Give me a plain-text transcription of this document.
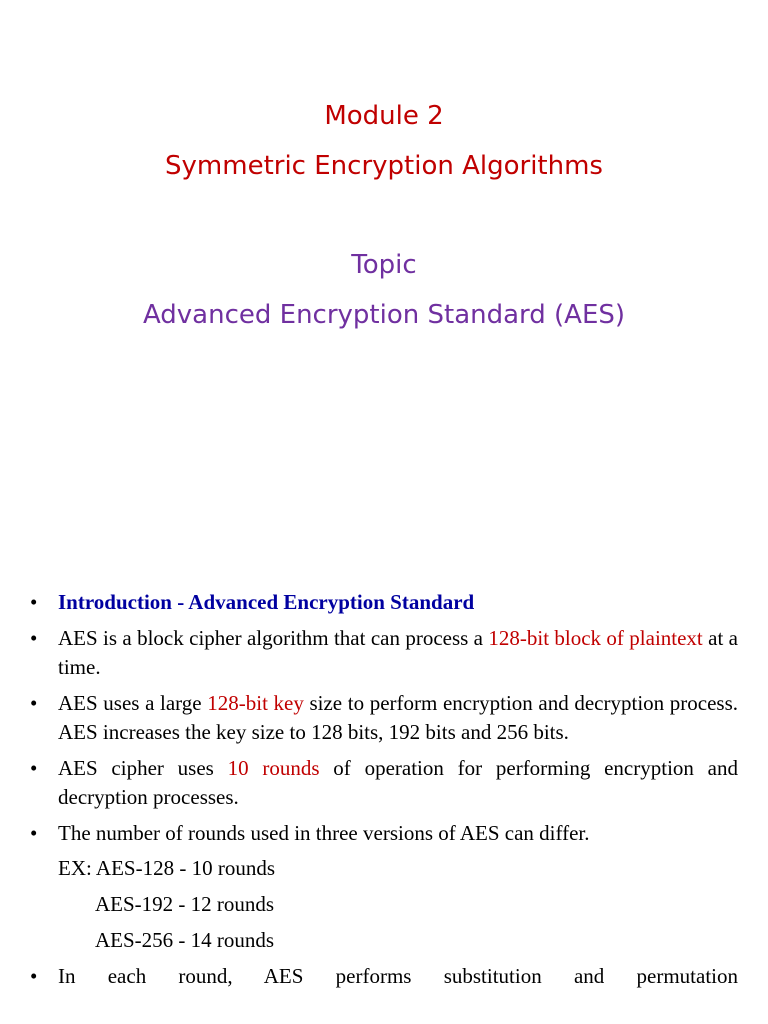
Module 2
Symmetric Encryption Algorithms
Topic
Advanced Encryption Standard (AES)
• Introduction - Advanced Encryption Standard
• AES is a block cipher algorithm that can process a 128-bit block of plaintext at a time.
• AES uses a large 128-bit key size to perform encryption and decryption process. AES increases the key size to 128 bits, 192 bits and 256 bits.
• AES cipher uses 10 rounds of operation for performing encryption and decryption processes.
• The number of rounds used in three versions of AES can differ.
EX: AES-128 - 10 rounds
AES-192 - 12 rounds
AES-256 - 14 rounds
• In each round, AES performs substitution and permutation
